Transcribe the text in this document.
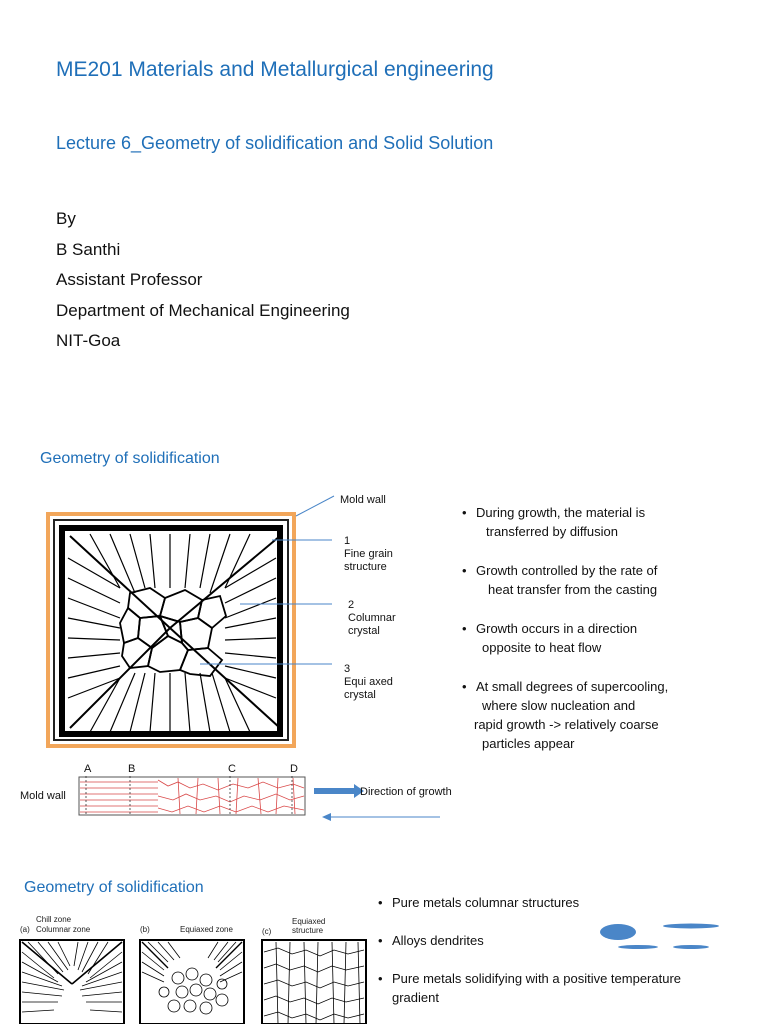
ME201 Materials and Metallurgical engineering
Lecture 6_Geometry of solidification and Solid Solution
By
B Santhi
Assistant Professor
Department of Mechanical Engineering
NIT-Goa
Geometry of solidification
Mold wall
1
Fine grain
structure
2
Columnar
crystal
3
Equi axed
crystal
Mold wall
A	B	C	D
Direction of growth
• During growth, the material is
transferred by diffusion
• Growth controlled by the rate of
heat transfer from the casting
• Growth occurs in a direction
opposite to heat flow
• At small degrees of supercooling,
where slow nucleation and
rapid growth -> relatively coarse
particles appear
Geometry of solidification
(a)
Chill zone
Columnar zone	(b)	Equiaxed zone	(c)
Equiaxed
structure
• Pure metals columnar structures
• Alloys dendrites
• Pure metals solidifying with a positive temperature
gradient
